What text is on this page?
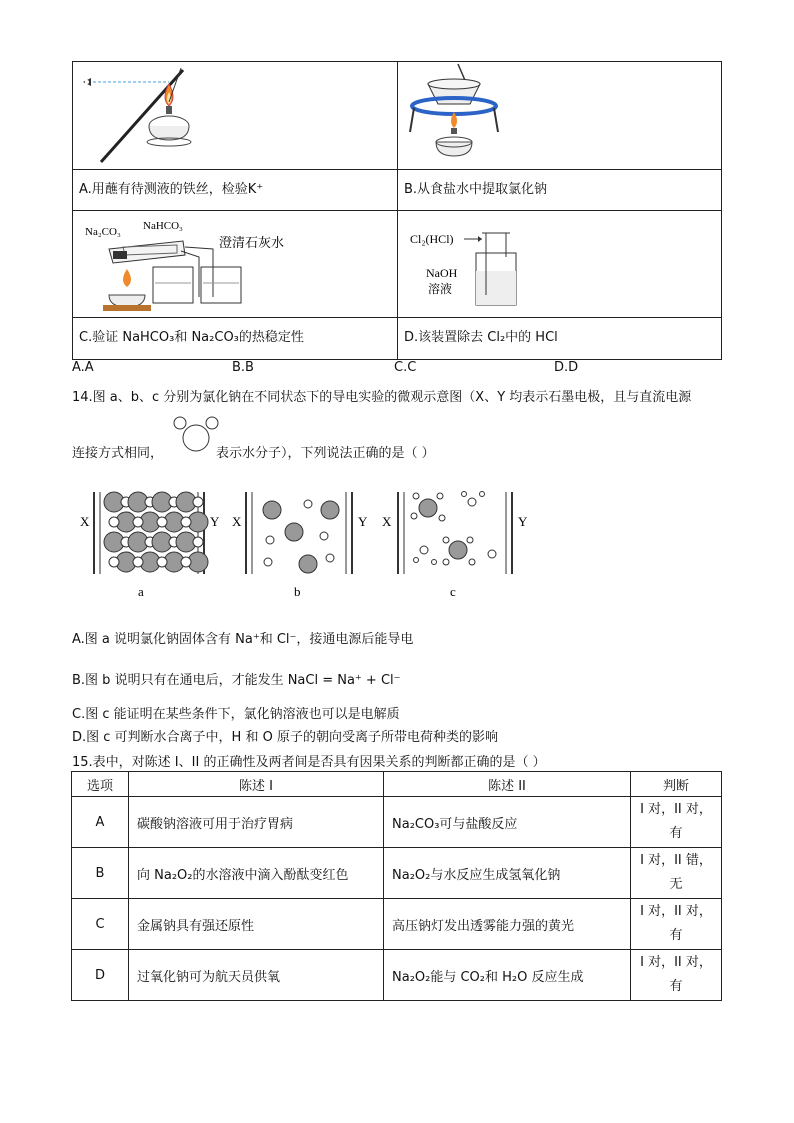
A.用蘸有待测液的铁丝，检验K⁺	B.从食盐水中提取氯化钠

Na₂CO₃ NaHCO₃
澄清石灰水	Cl₂(HCl)
NaOH
溶液

C.验证 NaHCO₃和 Na₂CO₃的热稳定性	D.该装置除去 Cl₂中的 HCl
A.A	B.B	C.C	D.D
14.图 a、b、c 分别为氯化钠在不同状态下的导电实验的微观示意图（X、Y 均表示石墨电极，且与直流电源
连接方式相同，	表示水分子），下列说法正确的是（ ）
X	Y
a
X	Y
b
X	Y
c
A.图 a 说明氯化钠固体含有 Na⁺和 Cl⁻，接通电源后能导电
B.图 b 说明只有在通电后，才能发生 NaCl = Na⁺ + Cl⁻
C.图 c 能证明在某些条件下，氯化钠溶液也可以是电解质
D.图 c 可判断水合离子中，H 和 O 原子的朝向受离子所带电荷种类的影响
15.表中，对陈述 I、II 的正确性及两者间是否具有因果关系的判断都正确的是（ ）
选项	陈述 I	陈述 II	判断
A	碳酸钠溶液可用于治疗胃病	Na₂CO₃可与盐酸反应	I 对，II 对，
有

B	向 Na₂O₂的水溶液中滴入酚酞变红色	Na₂O₂与水反应生成氢氧化钠	I 对，II 错，
无

C	金属钠具有强还原性	高压钠灯发出透雾能力强的黄光	I 对，II 对，
有

D	过氧化钠可为航天员供氧	Na₂O₂能与 CO₂和 H₂O 反应生成	I 对，II 对，
有
